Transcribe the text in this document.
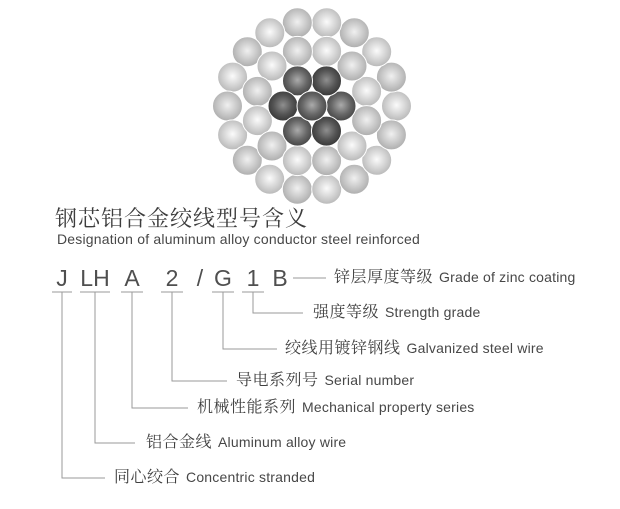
钢芯铝合金绞线型号含义
Designation of aluminum alloy conductor steel reinforced
J
同心绞合 Concentric stranded
LH
铝合金线 Aluminum alloy wire
A
机械性能系列 Mechanical property series
2
导电系列号 Serial number
G
绞线用镀锌钢线 Galvanized steel wire
1
强度等级 Strength grade
B	锌层厚度等级 Grade of zinc coating
/
